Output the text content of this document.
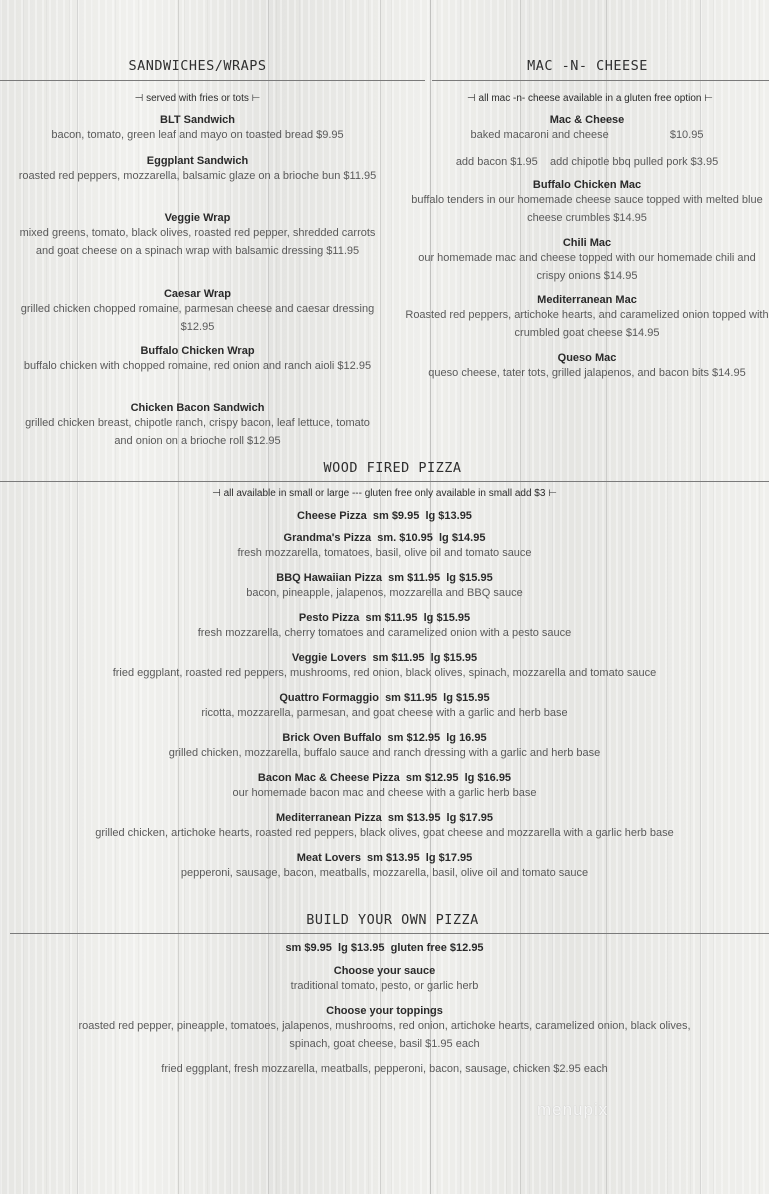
SANDWICHES/WRAPS
⊣ served with fries or tots ⊢
BLT Sandwich
bacon, tomato, green leaf and mayo on toasted bread $9.95
Eggplant Sandwich
roasted red peppers, mozzarella, balsamic glaze on a brioche bun $11.95
Veggie Wrap
mixed greens, tomato, black olives, roasted red pepper, shredded carrots and goat cheese on a spinach wrap with balsamic dressing $11.95
Caesar Wrap
grilled chicken chopped romaine, parmesan cheese and caesar dressing $12.95
Buffalo Chicken Wrap
buffalo chicken with chopped romaine, red onion and ranch aioli $12.95
Chicken Bacon Sandwich
grilled chicken breast, chipotle ranch, crispy bacon, leaf lettuce, tomato and onion on a brioche roll $12.95
MAC -N- CHEESE
⊣ all mac -n- cheese available in a gluten free option ⊢
Mac & Cheese
baked macaroni and cheese                    $10.95
add bacon $1.95    add chipotle bbq pulled pork $3.95
Buffalo Chicken Mac
buffalo tenders in our homemade cheese sauce topped with melted blue cheese crumbles $14.95
Chili Mac
our homemade mac and cheese topped with our homemade chili and crispy onions $14.95
Mediterranean Mac
Roasted red peppers, artichoke hearts, and caramelized onion topped with crumbled goat cheese $14.95
Queso Mac
queso cheese, tater tots, grilled jalapenos, and bacon bits $14.95
WOOD FIRED PIZZA
⊣ all available in small or large --- gluten free only available in small add $3 ⊢
Cheese Pizza  sm $9.95  lg $13.95
Grandma's Pizza  sm. $10.95  lg $14.95
fresh mozzarella, tomatoes, basil, olive oil and tomato sauce
BBQ Hawaiian Pizza  sm $11.95  lg $15.95
bacon, pineapple, jalapenos, mozzarella and BBQ sauce
Pesto Pizza  sm $11.95  lg $15.95
fresh mozzarella, cherry tomatoes and caramelized onion with a pesto sauce
Veggie Lovers  sm $11.95  lg $15.95
fried eggplant, roasted red peppers, mushrooms, red onion, black olives, spinach, mozzarella and tomato sauce
Quattro Formaggio  sm $11.95  lg $15.95
ricotta, mozzarella, parmesan, and goat cheese with a garlic and herb base
Brick Oven Buffalo  sm $12.95  lg 16.95
grilled chicken, mozzarella, buffalo sauce and ranch dressing with a garlic and herb base
Bacon Mac & Cheese Pizza  sm $12.95  lg $16.95
our homemade bacon mac and cheese with a garlic herb base
Mediterranean Pizza  sm $13.95  lg $17.95
grilled chicken, artichoke hearts, roasted red peppers, black olives, goat cheese and mozzarella with a garlic herb base
Meat Lovers  sm $13.95  lg $17.95
pepperoni, sausage, bacon, meatballs, mozzarella, basil, olive oil and tomato sauce
BUILD YOUR OWN PIZZA
sm $9.95  lg $13.95  gluten free $12.95
Choose your sauce
traditional tomato, pesto, or garlic herb
Choose your toppings
roasted red pepper, pineapple, tomatoes, jalapenos, mushrooms, red onion, artichoke hearts, caramelized onion, black olives,
spinach, goat cheese, basil $1.95 each
fried eggplant, fresh mozzarella, meatballs, pepperoni, bacon, sausage, chicken $2.95 each
menupix
